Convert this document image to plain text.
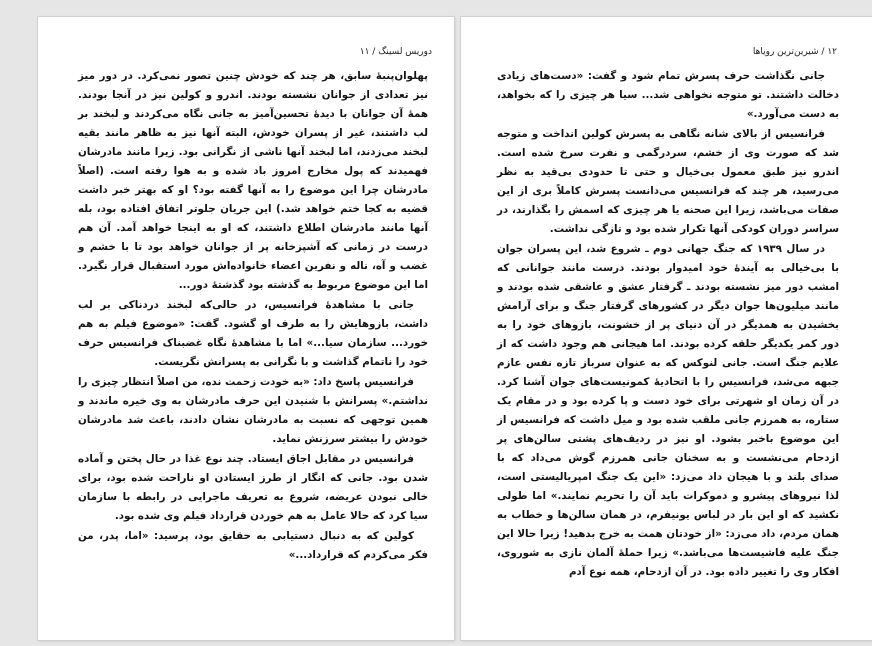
دوریس لسینگ / ۱۱

پهلوان‌پنبهٔ سابق، هر چند که خودش چنین تصور نمی‌کرد. در دور میز نیز تعدادی از جوانان نشسته بودند. اندرو و کولین نیز در آنجا بودند. همهٔ آن جوانان با دیدهٔ تحسین‌آمیز به جانی نگاه می‌کردند و لبخند بر لب داشتند، غیر از پسران خودش، البته آنها نیز به ظاهر مانند بقیه لبخند می‌زدند، اما لبخند آنها ناشی از نگرانی بود. زیرا مانند مادرشان فهمیدند که پول مخارج امروز باد شده و به هوا رفته است. (اصلاً مادرشان چرا این موضوع را به آنها گفته بود؟ او که بهتر خبر داشت قضیه به کجا ختم خواهد شد.) این جریان جلوتر اتفاق افتاده بود، بله آنها مانند مادرشان اطلاع داشتند، که او به اینجا خواهد آمد. آن هم درست در زمانی که آشپزخانه پر از جوانان خواهد بود تا با خشم و غضب و آه، ناله و نفرین اعضاء خانواده‌اش مورد استقبال قرار نگیرد. اما این موضوع مربوط به گذشته بود گذشتهٔ دور...

جانی با مشاهدهٔ فرانسیس، در حالی‌که لبخند دردناکی بر لب داشت، بازوهایش را به طرف او گشود. گفت: «موضوع فیلم به هم خورد... سازمان سیا...» اما با مشاهدهٔ نگاه غضبناک فرانسیس حرف خود را ناتمام گذاشت و با نگرانی به پسرانش نگریست.

فرانسیس پاسخ داد: «به خودت زحمت نده، من اصلاً انتظار چیزی را نداشتم.» پسرانش با شنیدن این حرف مادرشان به وی خیره ماندند و همین توجهی که نسبت به مادرشان نشان دادند، باعث شد مادرشان خودش را بیشتر سرزنش نماید.

فرانسیس در مقابل اجاق ایستاد. چند نوع غذا در حال پختن و آماده شدن بود. جانی که انگار از طرز ایستادن او ناراحت شده بود، برای خالی نبودن عریضه، شروع به تعریف ماجرایی در رابطه با سازمان سیا کرد که حالا عامل به هم خوردن قرارداد فیلم وی شده بود.

کولین که به دنبال دستیابی به حقایق بود، پرسید: «اما، پدر، من فکر می‌کردم که قرارداد...»

۱۲ / شیرین‌ترین رویاها

جانی نگذاشت حرف پسرش تمام شود و گفت: «دست‌های زیادی دخالت داشتند. تو متوجه نخواهی شد... سیا هر چیزی را که بخواهد، به دست می‌آورد.»

فرانسیس از بالای شانه نگاهی به پسرش کولین انداخت و متوجه شد که صورت وی از خشم، سردرگمی و نفرت سرخ شده است. اندرو نیز طبق معمول بی‌خیال و حتی تا حدودی بی‌قید به نظر می‌رسید، هر چند که فرانسیس می‌دانست پسرش کاملاً بری از این صفات می‌باشد، زیرا این صحنه یا هر چیزی که اسمش را بگذارند، در سراسر دوران کودکی آنها تکرار شده بود و تازگی نداشت.

در سال ۱۹۳۹ که جنگ جهانی دوم ـ شروع شد، این پسران جوان با بی‌خیالی به آیندهٔ خود امیدوار بودند. درست مانند جوانانی که امشب دور میز نشسته بودند ـ گرفتار عشق و عاشقی شده بودند و مانند میلیون‌ها جوان دیگر در کشورهای گرفتار جنگ و برای آرامش بخشیدن به همدیگر در آن دنیای پر از خشونت، بازوهای خود را به دور کمر یکدیگر حلقه کرده بودند. اما هیجانی هم وجود داشت که از علایم جنگ است. جانی لنوکس که به عنوان سرباز تازه نفس عازم جبهه می‌شد، فرانسیس را با اتحادیهٔ کمونیست‌های جوان آشنا کرد. در آن زمان او شهرتی برای خود دست و پا کرده بود و در مقام یک ستاره، به همرزم جانی ملقب شده بود و میل داشت که فرانسیس از این موضوع باخبر بشود. او نیز در ردیف‌های پشتی سالن‌های پر ازدحام می‌نشست و به سخنان جانی همرزم گوش می‌داد که با صدای بلند و با هیجان داد می‌زد: «این یک جنگ امپریالیستی است، لذا نیروهای پیشرو و دموکرات باید آن را تحریم نمایند.» اما طولی نکشید که او این بار در لباس یونیفرم، در همان سالن‌ها و خطاب به همان مردم، داد می‌زد: «از خودتان همت به خرج بدهید! زیرا حالا این جنگ علیه فاشیست‌ها می‌باشد.» زیرا حملهٔ آلمان نازی به شوروی، افکار وی را تغییر داده بود. در آن ازدحام، همه نوع آدم
